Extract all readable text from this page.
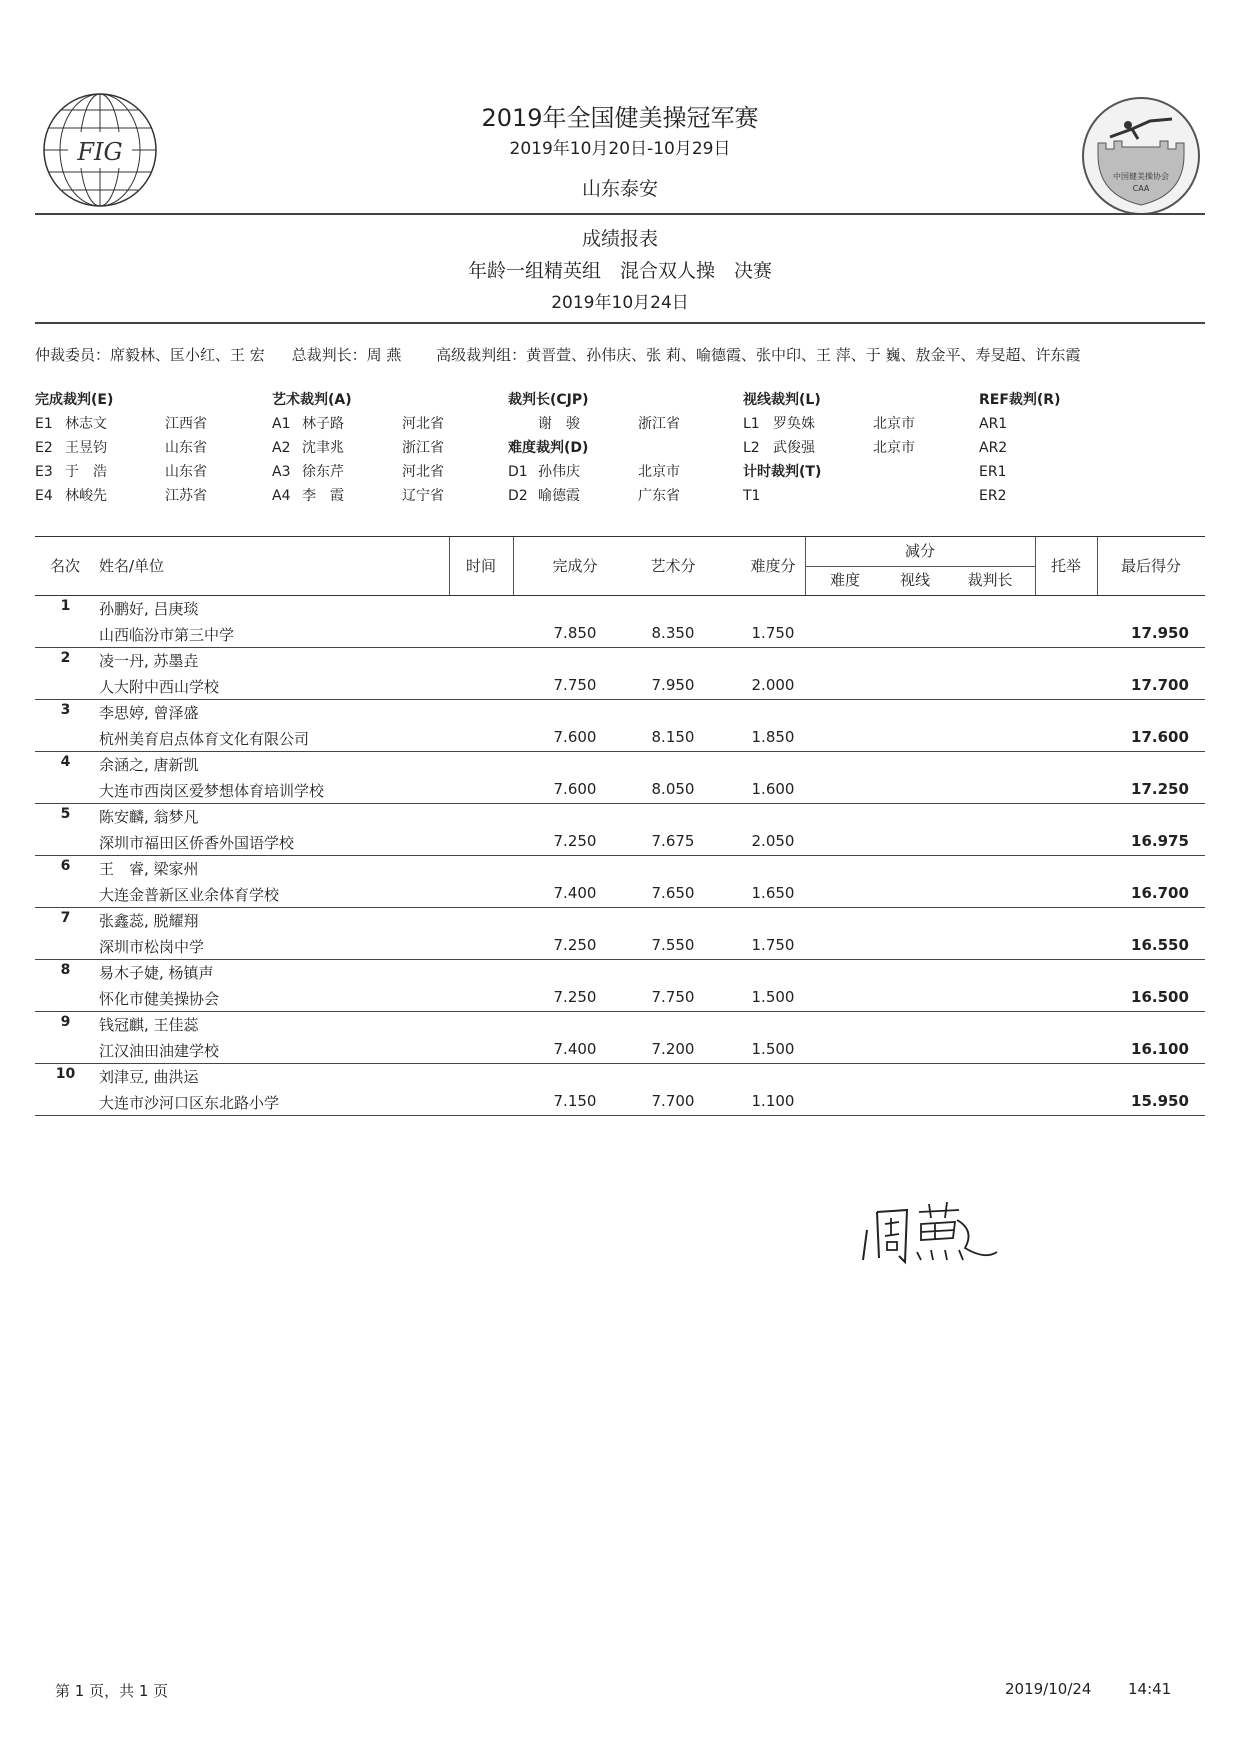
FIG
中国健美操协会
CAA
2019年全国健美操冠军赛
2019年10月20日-10月29日
山东泰安
成绩报表
年龄一组精英组　混合双人操　决赛
2019年10月24日
仲裁委员：席毅林、匡小红、王 宏 总裁判长：周 燕 高级裁判组：黄晋萱、孙伟庆、张 莉、喻德霞、张中印、王 萍、于 巍、敖金平、寿旻超、许东霞
完成裁判(E)
E1 林志文	江西省
E2 王昱钧	山东省
E3 于　浩	山东省
E4 林峻先	江苏省
艺术裁判(A)
A1 林子路	河北省
A2 沈聿兆	浙江省
A3 徐东芹	河北省
A4 李　霞	辽宁省
裁判长(CJP)
谢　骏	浙江省
难度裁判(D)
D1 孙伟庆	北京市
D2 喻德霞	广东省
视线裁判(L)
L1 罗奂姝	北京市
L2 武俊强	北京市
计时裁判(T)
T1
REF裁判(R)
AR1
AR2
ER1
ER2
名次	姓名/单位	时间	完成分	艺术分	难度分
减分
难度	视线	裁判长
托举	最后得分
1	孙鹏好, 吕庚琰
山西临汾市第三中学	7.850	8.350	1.750	17.950
2	凌一丹, 苏墨垚
人大附中西山学校	7.750	7.950	2.000	17.700
3	李思婷, 曾泽盛
杭州美育启点体育文化有限公司	7.600	8.150	1.850	17.600
4	余涵之, 唐新凯
大连市西岗区爱梦想体育培训学校	7.600	8.050	1.600	17.250
5	陈安麟, 翁梦凡
深圳市福田区侨香外国语学校	7.250	7.675	2.050	16.975
6	王　睿, 梁家州
大连金普新区业余体育学校	7.400	7.650	1.650	16.700
7	张鑫蕊, 脱耀翔
深圳市松岗中学	7.250	7.550	1.750	16.550
8	易木子婕, 杨镇声
怀化市健美操协会	7.250	7.750	1.500	16.500
9	钱冠麒, 王佳蕊
江汉油田油建学校	7.400	7.200	1.500	16.100
10	刘津豆, 曲洪运
大连市沙河口区东北路小学	7.150	7.700	1.100	15.950
第 1 页，共 1 页	2019/10/24 14:41
